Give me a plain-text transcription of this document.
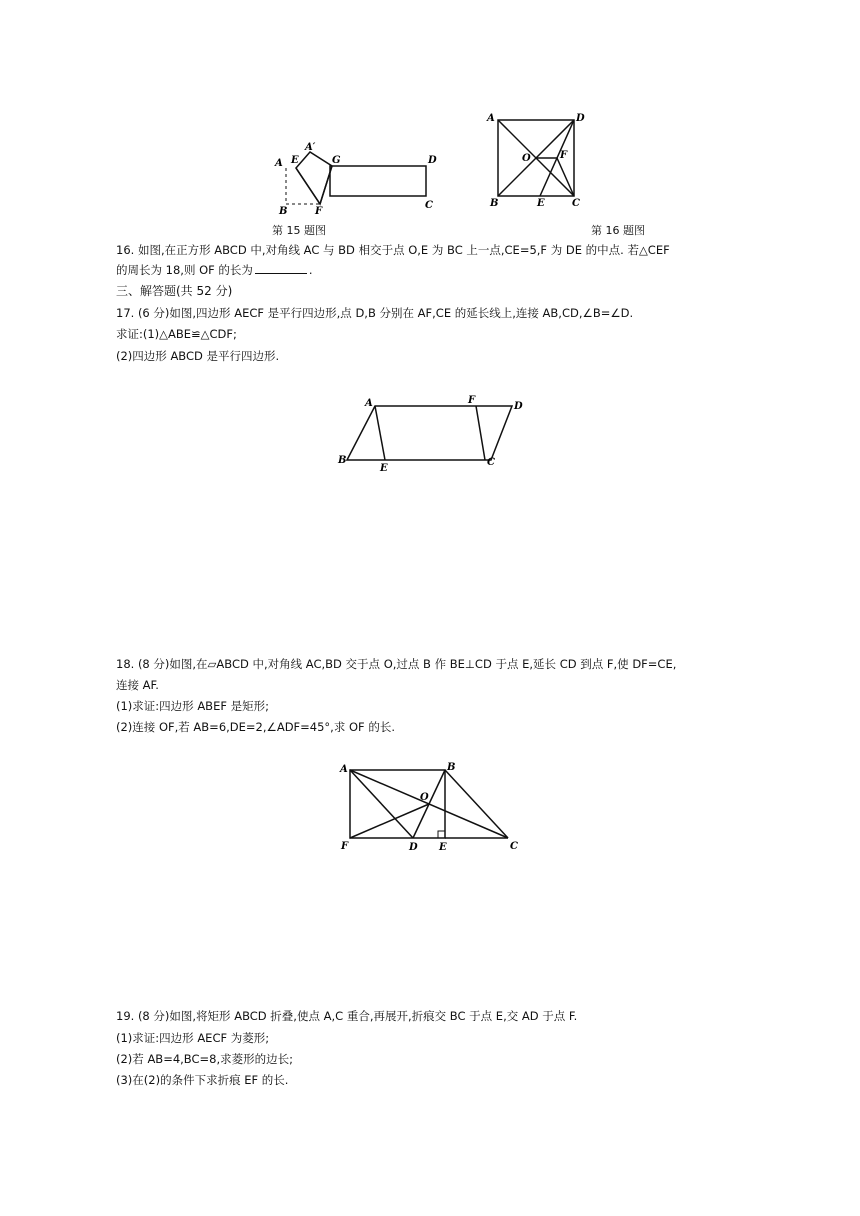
A E
A′
G	D
B	F
C
第 15 题图
A	D
O	F
B	E	C
第 16 题图
16. 如图,在正方形 ABCD 中,对角线 AC 与 BD 相交于点 O,E 为 BC 上一点,CE=5,F 为 DE 的中点. 若△CEF
的周长为 18,则 OF 的长为	.
三、解答题(共 52 分)
17. (6 分)如图,四边形 AECF 是平行四边形,点 D,B 分别在 AF,CE 的延长线上,连接 AB,CD,∠B=∠D.
求证:(1)△ABE≌△CDF;
(2)四边形 ABCD 是平行四边形.
A	F
D
B
E
C
18. (8 分)如图,在▱ABCD 中,对角线 AC,BD 交于点 O,过点 B 作 BE⊥CD 于点 E,延长 CD 到点 F,使 DF=CE,
连接 AF.
(1)求证:四边形 ABEF 是矩形;
(2)连接 OF,若 AB=6,DE=2,∠ADF=45°,求 OF 的长.
A	B
O
F	D E	C
19. (8 分)如图,将矩形 ABCD 折叠,使点 A,C 重合,再展开,折痕交 BC 于点 E,交 AD 于点 F.
(1)求证:四边形 AECF 为菱形;
(2)若 AB=4,BC=8,求菱形的边长;
(3)在(2)的条件下求折痕 EF 的长.
